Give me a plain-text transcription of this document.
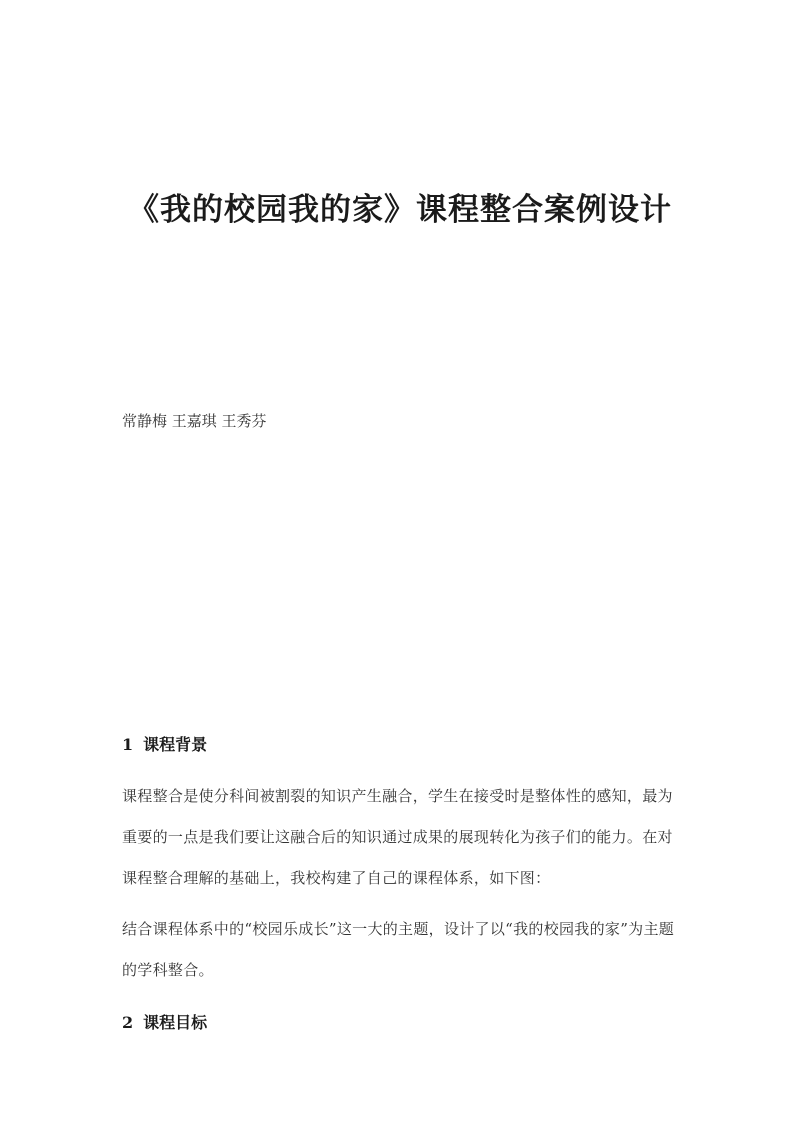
《我的校园我的家》课程整合案例设计

常静梅 王嘉琪 王秀芬

1 课程背景

课程整合是使分科间被割裂的知识产生融合，学生在接受时是整体性的感知，最为重要的一点是我们要让这融合后的知识通过成果的展现转化为孩子们的能力。在对课程整合理解的基础上，我校构建了自己的课程体系，如下图：

结合课程体系中的“校园乐成长”这一大的主题，设计了以“我的校园我的家”为主题的学科整合。

2 课程目标
